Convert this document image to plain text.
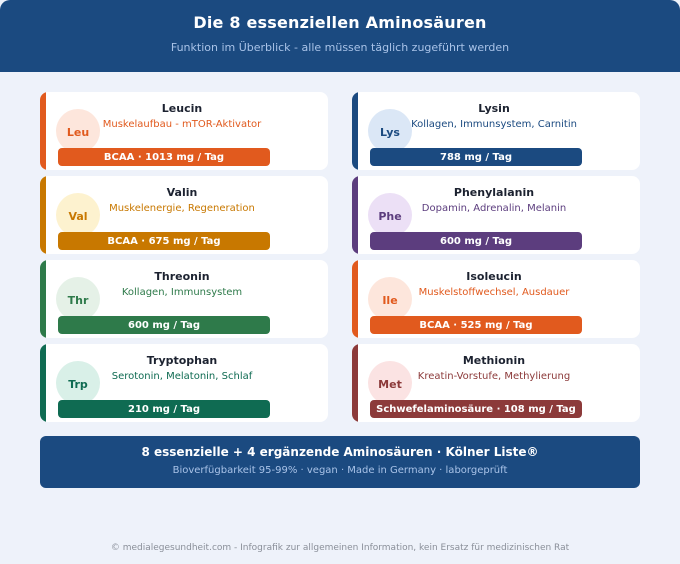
Die 8 essenziellen Aminosäuren
Funktion im Überblick - alle müssen täglich zugeführt werden
Leu
Leucin
Muskelaufbau - mTOR-Aktivator
BCAA · 1013 mg / Tag
Lys
Lysin
Kollagen, Immunsystem, Carnitin
788 mg / Tag
Val
Valin
Muskelenergie, Regeneration
BCAA · 675 mg / Tag
Phe
Phenylalanin
Dopamin, Adrenalin, Melanin
600 mg / Tag
Thr
Threonin
Kollagen, Immunsystem
600 mg / Tag
Ile
Isoleucin
Muskelstoffwechsel, Ausdauer
BCAA · 525 mg / Tag
Trp
Tryptophan
Serotonin, Melatonin, Schlaf
210 mg / Tag
Met
Methionin
Kreatin-Vorstufe, Methylierung
Schwefelaminosäure · 108 mg / Tag
8 essenzielle + 4 ergänzende Aminosäuren · Kölner Liste®
Bioverfügbarkeit 95-99% · vegan · Made in Germany · laborgeprüft
© medialegesundheit.com - Infografik zur allgemeinen Information, kein Ersatz für medizinischen Rat
